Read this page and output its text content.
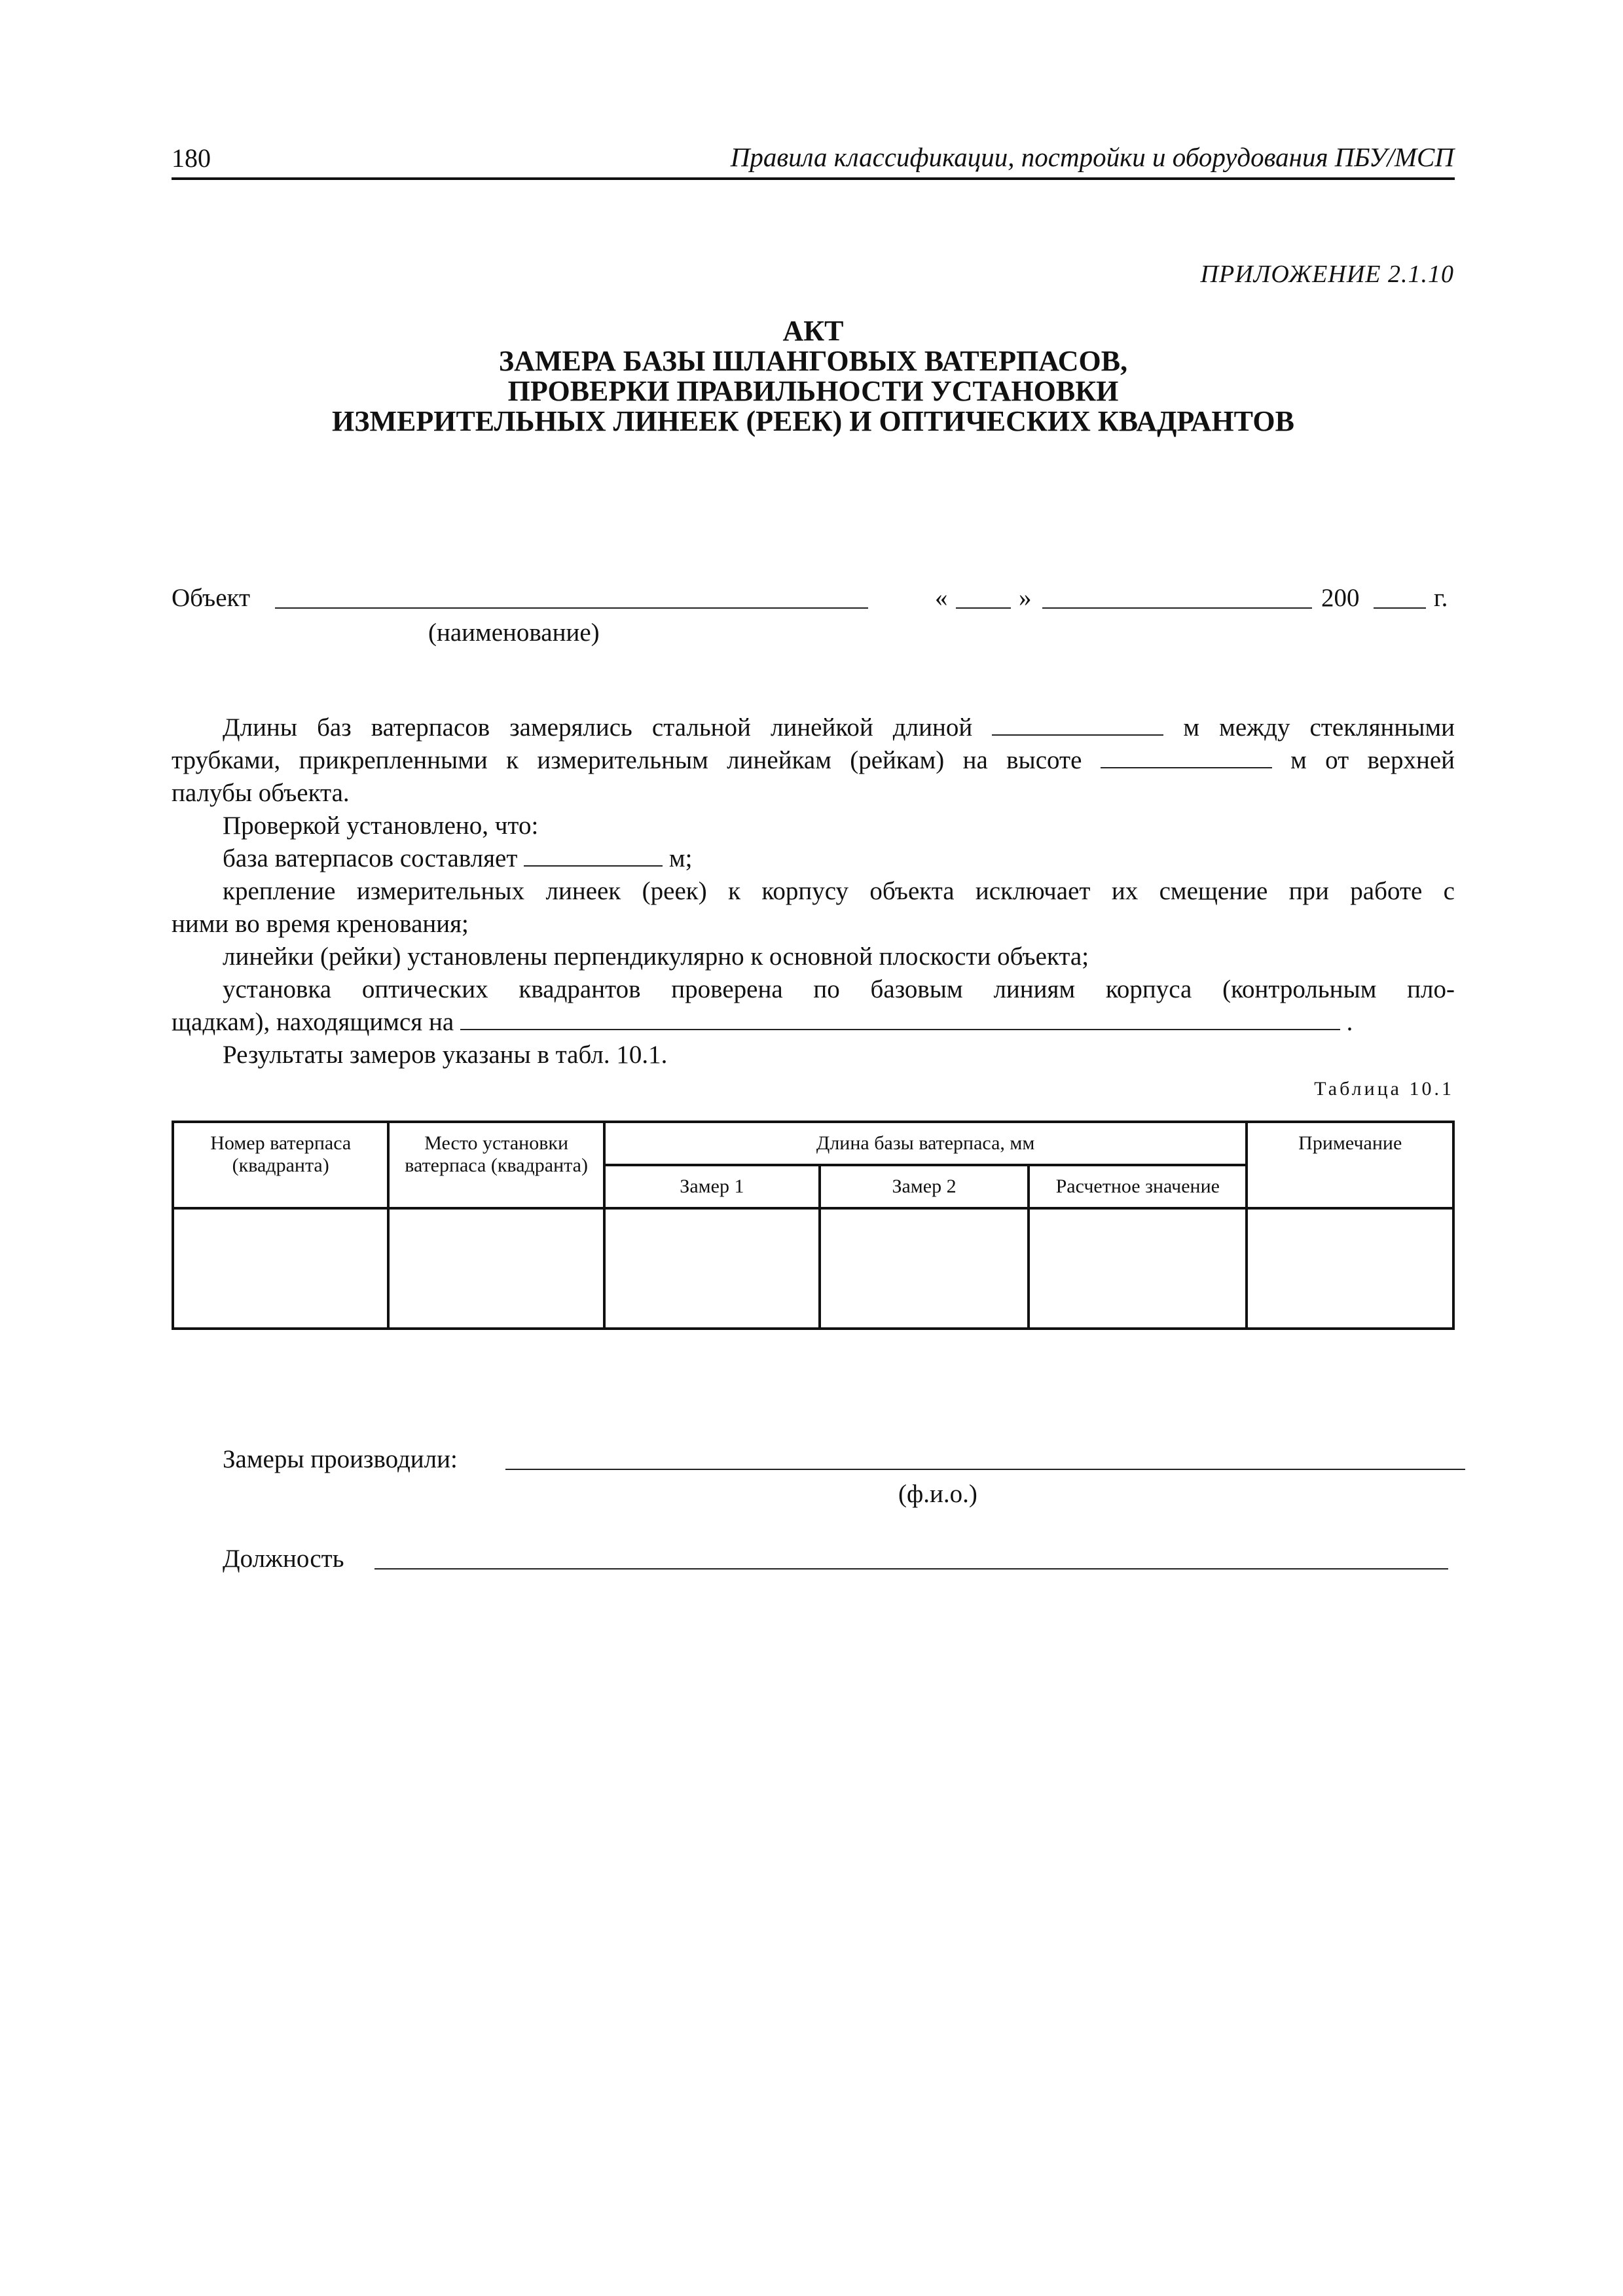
180	Правила классификации, постройки и оборудования ПБУ/МСП
ПРИЛОЖЕНИЕ 2.1.10
АКТ
ЗАМЕРА БАЗЫ ШЛАНГОВЫХ ВАТЕРПАСОВ,
ПРОВЕРКИ ПРАВИЛЬНОСТИ УСТАНОВКИ
ИЗМЕРИТЕЛЬНЫХ ЛИНЕЕК (РЕЕК) И ОПТИЧЕСКИХ КВАДРАНТОВ
Объект
(наименование)
«	»	200	г.
Длины баз ватерпасов замерялись стальной линейкой длиной	м между стеклянными
трубками, прикрепленными к измерительным линейкам (рейкам) на высоте	м от верхней
палубы объекта.
Проверкой установлено, что:
база ватерпасов составляет	м;
крепление измерительных линеек (реек) к корпусу объекта исключает их смещение при работе с
ними во время кренования;
линейки (рейки) установлены перпендикулярно к основной плоскости объекта;
установка оптических квадрантов проверена по базовым линиям корпуса (контрольным пло-
щадкам), находящимся на	.
Результаты замеров указаны в табл. 10.1.
Таблица 10.1
Номер ватерпаса (квадранта)	Место установки ватерпаса (квадранта)	Длина базы ватерпаса, мм			Примечание
		Замер 1	Замер 2	Расчетное значение	

Замеры производили:
(ф.и.о.)
Должность
